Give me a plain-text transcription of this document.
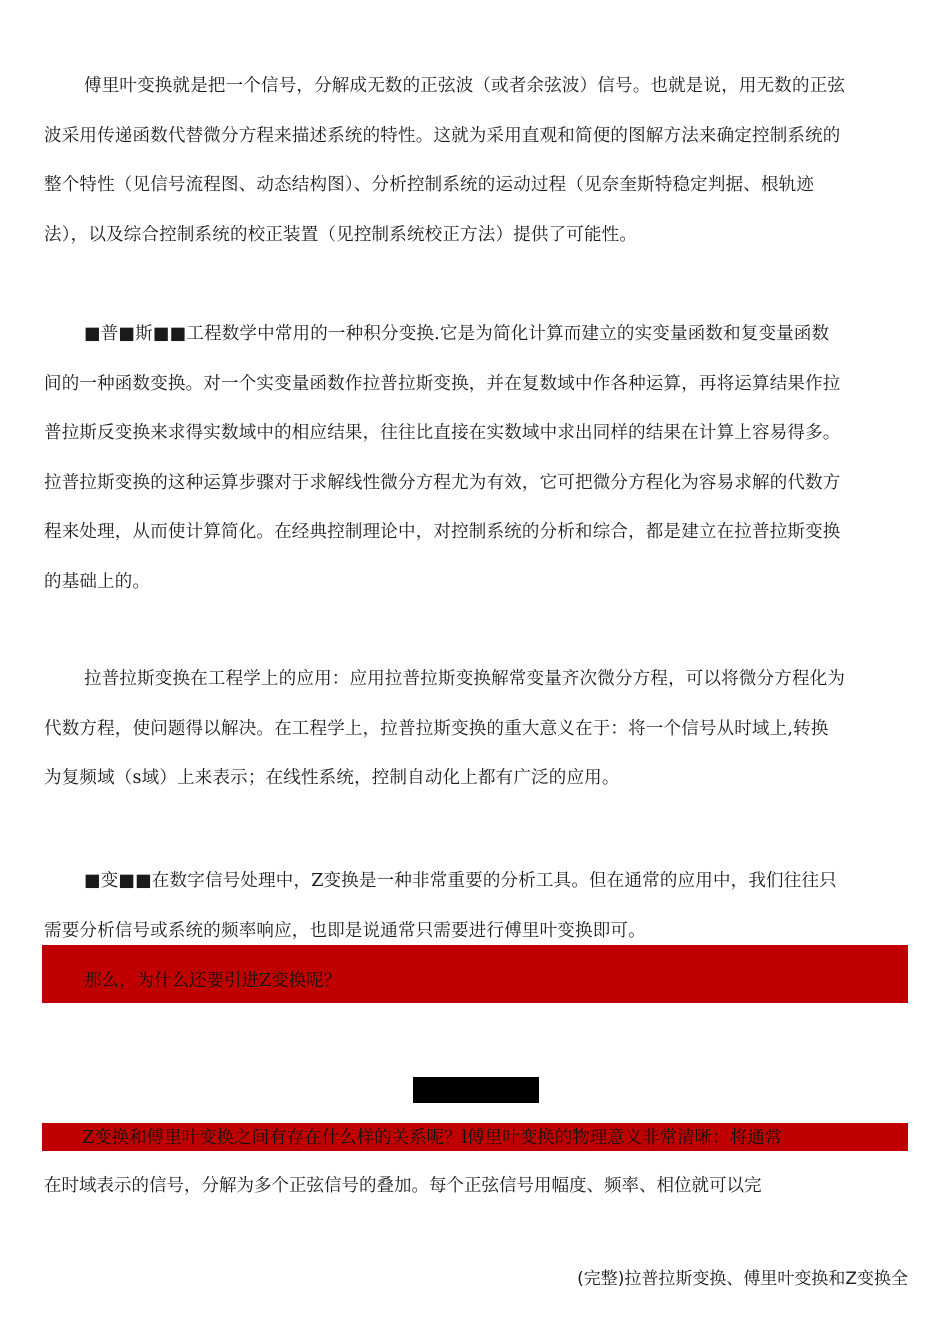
傅里叶变换就是把一个信号，分解成无数的正弦波（或者余弦波）信号。也就是说，用无数的正弦
波采用传递函数代替微分方程来描述系统的特性。这就为采用直观和简便的图解方法来确定控制系统的
整个特性（见信号流程图、动态结构图）、分析控制系统的运动过程（见奈奎斯特稳定判据、根轨迹
法），以及综合控制系统的校正装置（见控制系统校正方法）提供了可能性。
■普■斯■■工程数学中常用的一种积分变换.它是为简化计算而建立的实变量函数和复变量函数
间的一种函数变换。对一个实变量函数作拉普拉斯变换，并在复数域中作各种运算，再将运算结果作拉
普拉斯反变换来求得实数域中的相应结果，往往比直接在实数域中求出同样的结果在计算上容易得多。
拉普拉斯变换的这种运算步骤对于求解线性微分方程尤为有效，它可把微分方程化为容易求解的代数方
程来处理，从而使计算简化。在经典控制理论中，对控制系统的分析和综合，都是建立在拉普拉斯变换
的基础上的。
拉普拉斯变换在工程学上的应用：应用拉普拉斯变换解常变量齐次微分方程，可以将微分方程化为
代数方程，使问题得以解决。在工程学上，拉普拉斯变换的重大意义在于：将一个信号从时域上,转换
为复频域（s域）上来表示；在线性系统，控制自动化上都有广泛的应用。
■变■■在数字信号处理中，Z变换是一种非常重要的分析工具。但在通常的应用中，我们往往只
需要分析信号或系统的频率响应，也即是说通常只需要进行傅里叶变换即可。
那么，为什么还要引进Z变换呢？
Z变换和傅里叶变换之间有存在什么样的关系呢？l傅里叶变换的物理意义非常清晰：将通常
在时域表示的信号，分解为多个正弦信号的叠加。每个正弦信号用幅度、频率、相位就可以完
(完整)拉普拉斯变换、傅里叶变换和Z变换全
